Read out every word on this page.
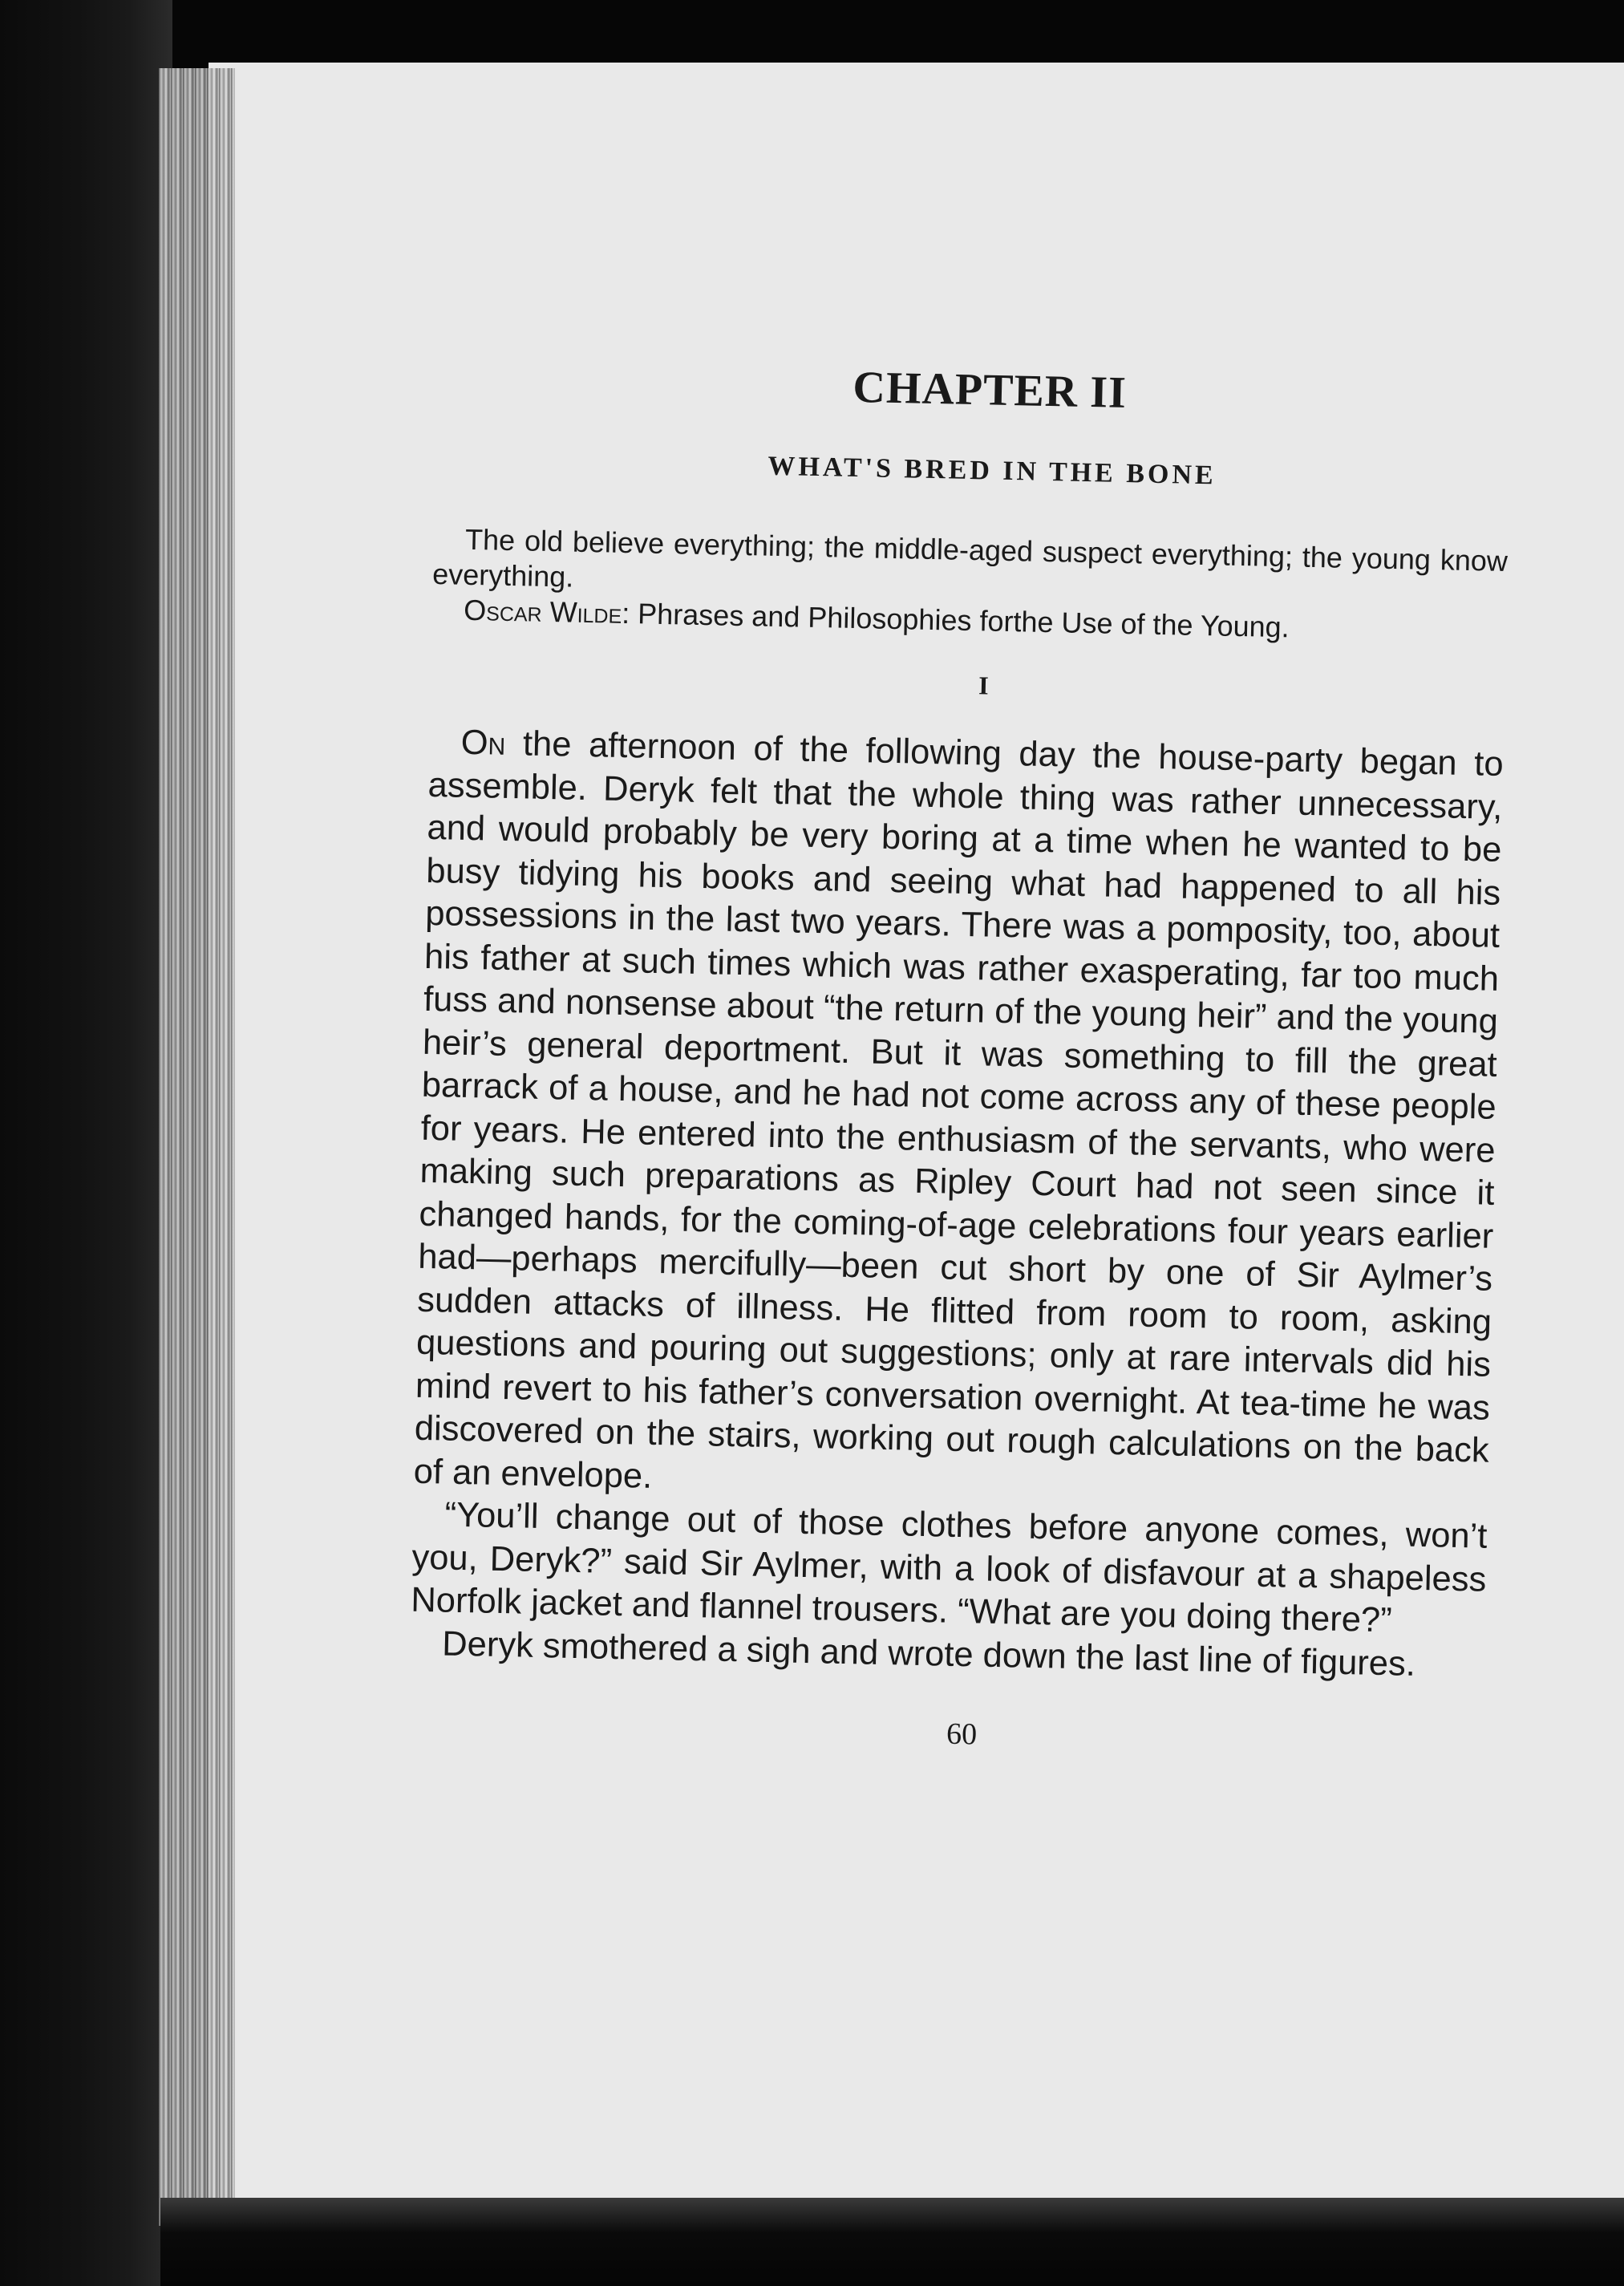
CHAPTER II
WHAT'S BRED IN THE BONE

The old believe everything; the middle-aged suspect everything; the young know everything.

Oscar Wilde: Phrases and Philosophies forthe Use of the Young.

I

On the afternoon of the following day the house-party began to assemble. Deryk felt that the whole thing was rather unnecessary, and would probably be very boring at a time when he wanted to be busy tidying his books and seeing what had happened to all his possessions in the last two years. There was a pomposity, too, about his father at such times which was rather exasperating, far too much fuss and nonsense about “the return of the young heir” and the young heir’s general deportment. But it was something to fill the great barrack of a house, and he had not come across any of these people for years. He entered into the enthusiasm of the servants, who were making such preparations as Ripley Court had not seen since it changed hands, for the coming-of-age celebrations four years earlier had—perhaps mercifully—been cut short by one of Sir Aylmer’s sudden attacks of illness. He flitted from room to room, asking questions and pouring out suggestions; only at rare intervals did his mind revert to his father’s conversation overnight. At tea-time he was discovered on the stairs, working out rough calculations on the back of an envelope.

“You’ll change out of those clothes before anyone comes, won’t you, Deryk?” said Sir Aylmer, with a look of disfavour at a shapeless Norfolk jacket and flannel trousers. “What are you doing there?”

Deryk smothered a sigh and wrote down the last line of figures.

60
